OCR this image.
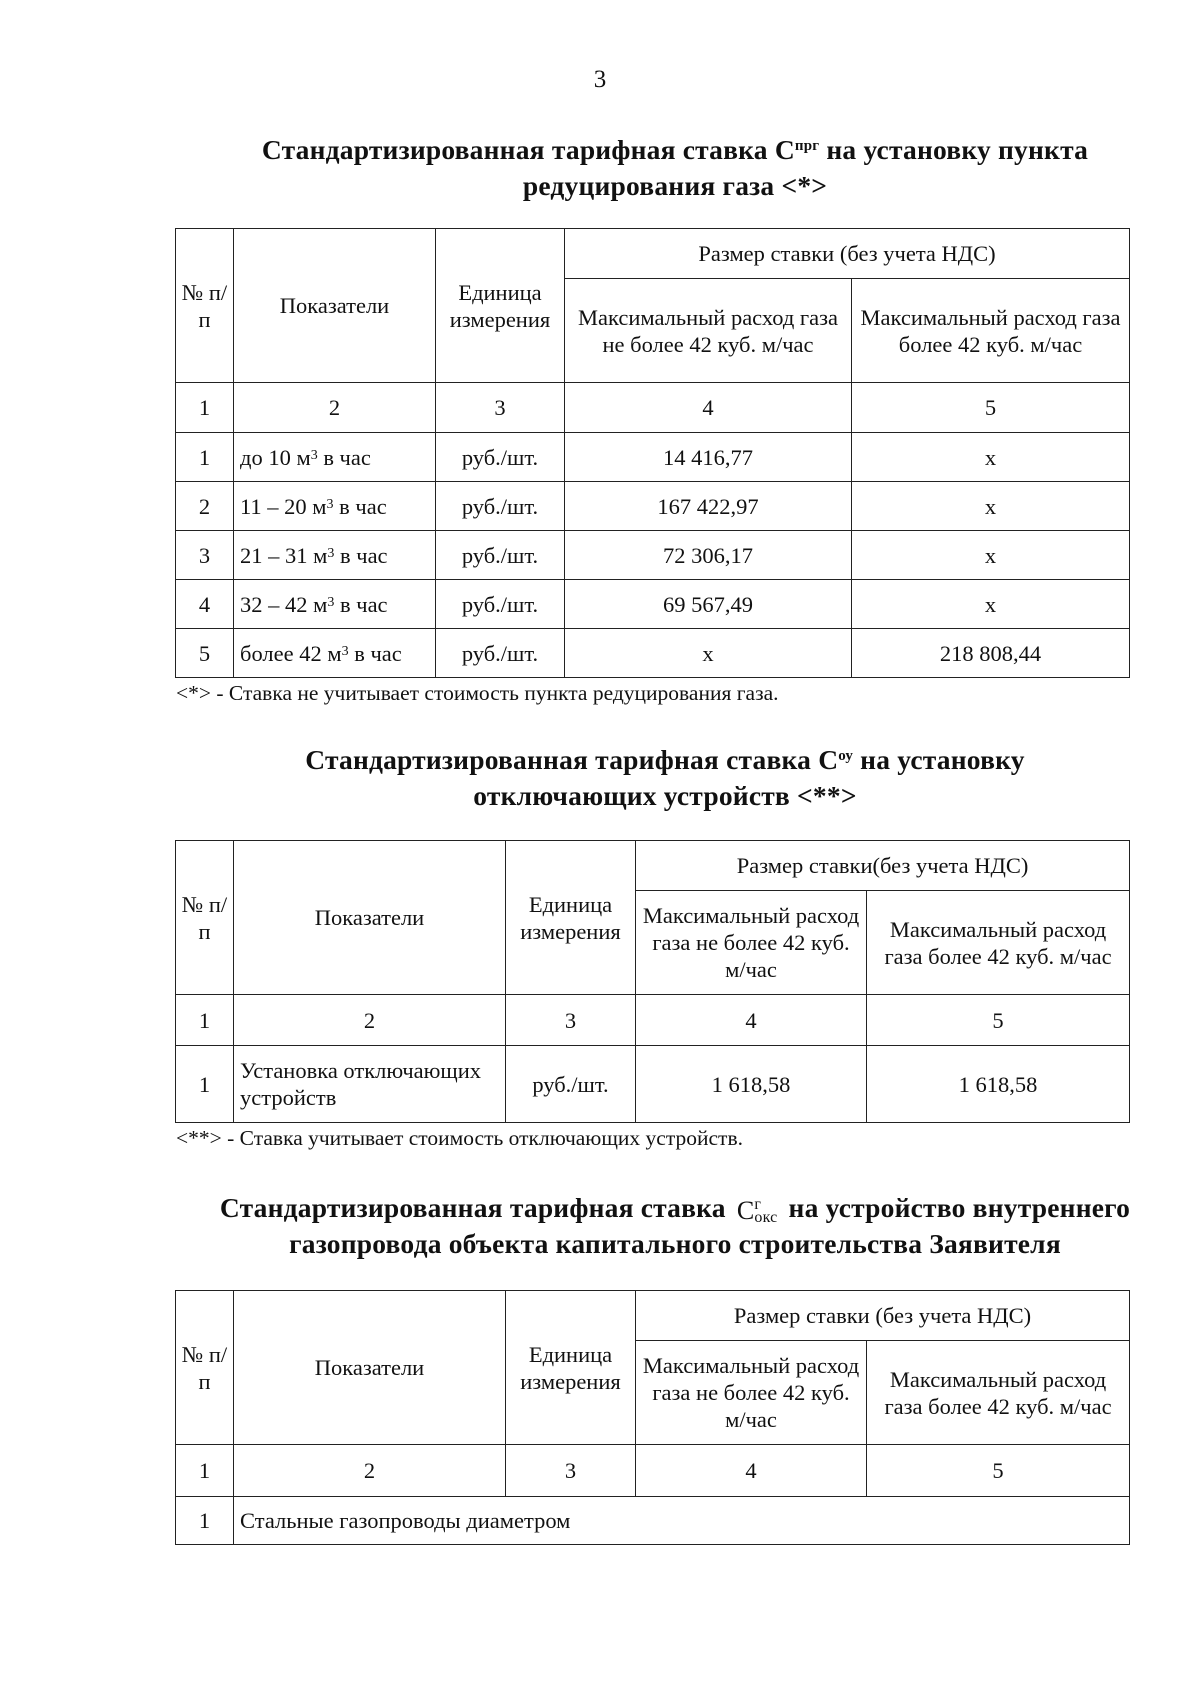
3
Стандартизированная тарифная ставка $С^{прг}$ на установку пункта
редуцирования газа <*>
№ п/п	Показатели	Единица измерения	Размер ставки (без учета НДС)	
			Максимальный расход газа не более 42 куб. м/час	Максимальный расход газа более 42 куб. м/час
1	2	3	4	5
1	до 10 $м^3$ в час	руб./шт.	14 416,77	х
2	11 – 20 $м^3$ в час	руб./шт.	167 422,97	х
3	21 – 31 $м^3$ в час	руб./шт.	72 306,17	х
4	32 – 42 $м^3$ в час	руб./шт.	69 567,49	х
5	более 42 $м^3$ в час	руб./шт.	х	218 808,44
<*> - Ставка не учитывает стоимость пункта редуцирования газа.
Стандартизированная тарифная ставка $С^{оу}$ на установку
отключающих устройств <**>
№ п/п	Показатели	Единица измерения	Размер ставки(без учета НДС)	
			Максимальный расход газа не более 42 куб. м/час	Максимальный расход газа более 42 куб. м/час
1	2	3	4	5
1	Установка отключающих устройств	руб./шт.	1 618,58	1 618,58
<**> - Ставка учитывает стоимость отключающих устройств.
Стандартизированная тарифная ставка С г
окс на устройство внутреннего
газопровода объекта капитального строительства Заявителя
№ п/п	Показатели	Единица измерения	Размер ставки (без учета НДС)	
			Максимальный расход газа не более 42 куб. м/час	Максимальный расход газа более 42 куб. м/час
1	2	3	4	5
1	Стальные газопроводы диаметром			
